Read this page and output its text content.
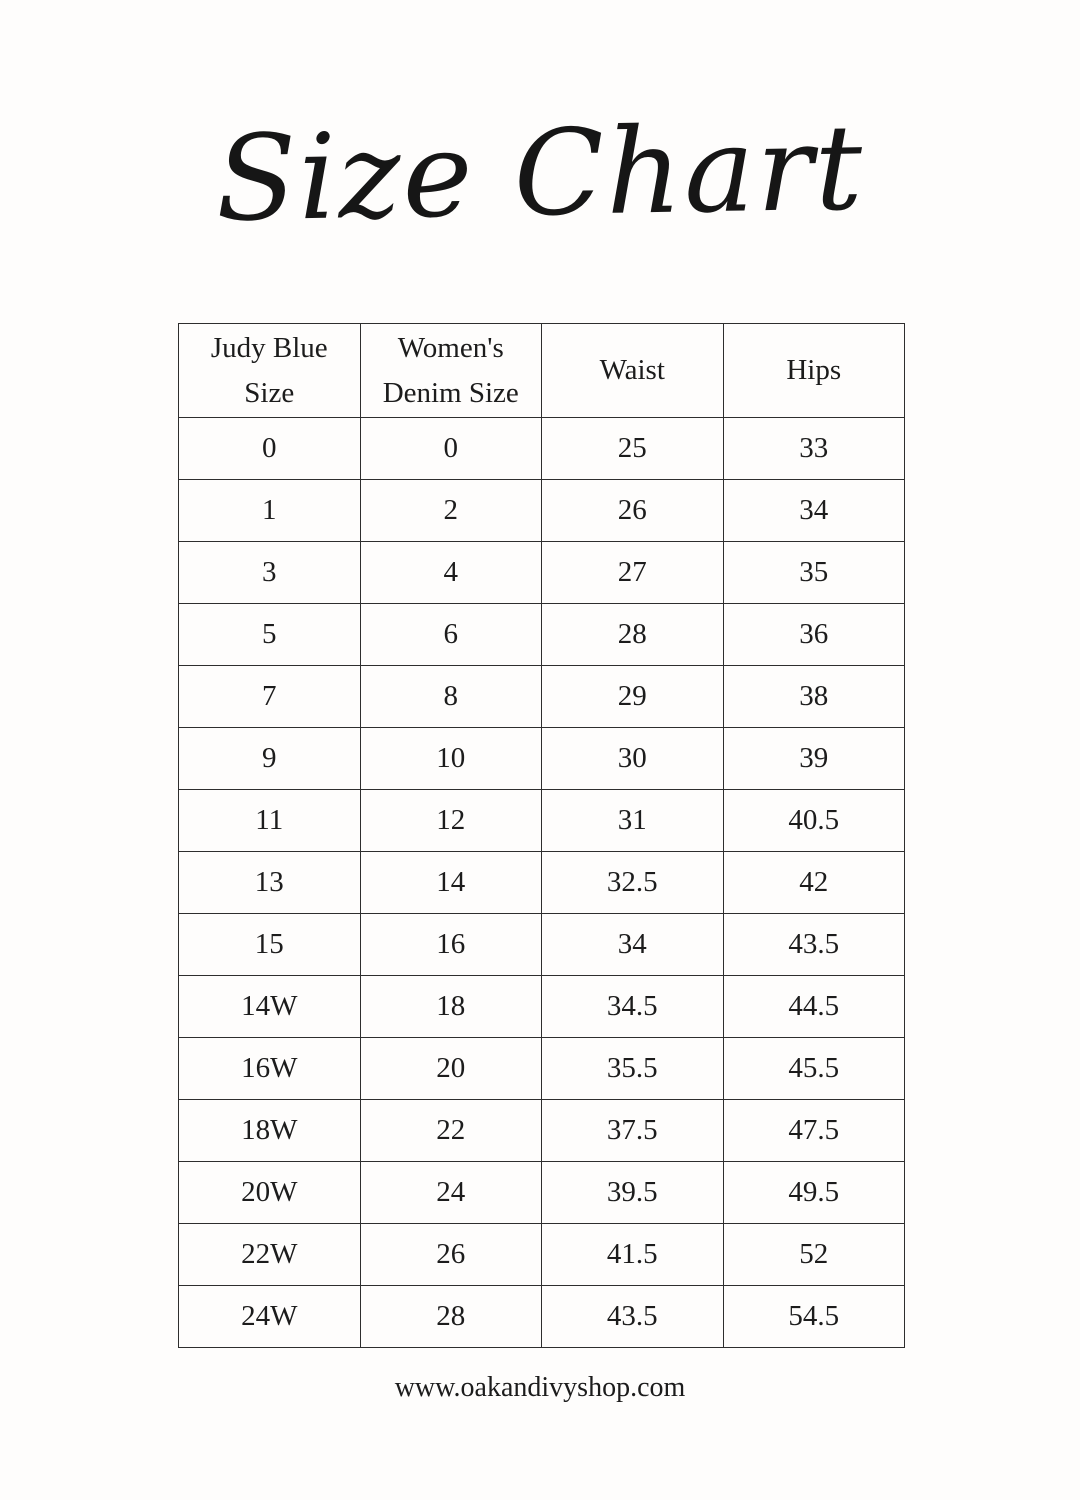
Size Chart
Judy Blue Size	Women's Denim Size	Waist	Hips
0	0	25	33
1	2	26	34
3	4	27	35
5	6	28	36
7	8	29	38
9	10	30	39
11	12	31	40.5
13	14	32.5	42
15	16	34	43.5
14W	18	34.5	44.5
16W	20	35.5	45.5
18W	22	37.5	47.5
20W	24	39.5	49.5
22W	26	41.5	52
24W	28	43.5	54.5
www.oakandivyshop.com
